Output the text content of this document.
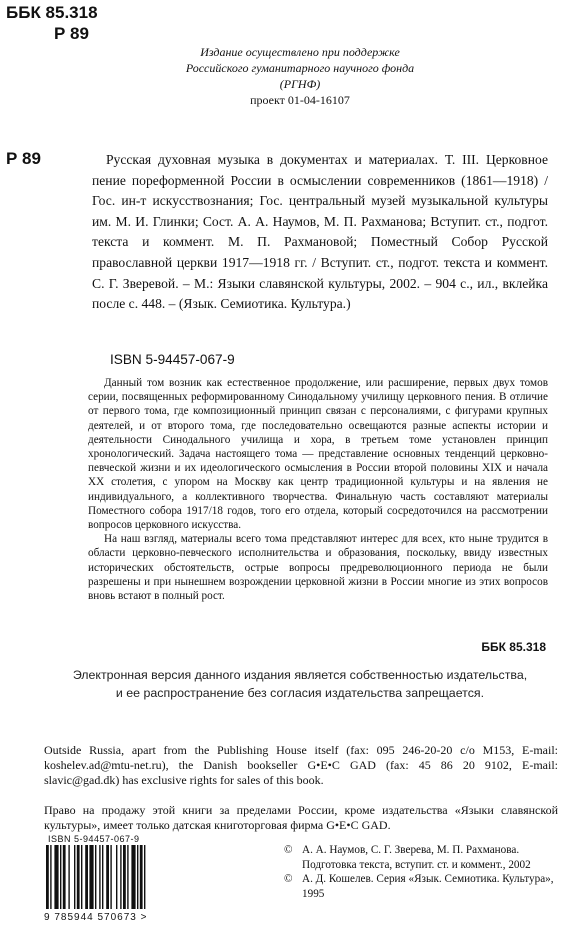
ББК 85.318
Р 89
Издание осуществлено при поддержке
Российского гуманитарного научного фонда
(РГНФ)
проект 01-04-16107
Р 89	Русская духовная музыка в документах и материалах. Т. III. Церковное пение пореформенной России в осмыслении современников (1861—1918) / Гос. ин-т искусствознания; Гос. центральный музей музыкальной культуры им. М. И. Глинки; Сост. А. А. Наумов, М. П. Рахманова; Вступит. ст., подгот. текста и коммент. М. П. Рахмановой; Поместный Собор Русской православной церкви 1917—1918 гг. / Вступит. ст., подгот. текста и коммент. С. Г. Зверевой. – М.: Языки славянской культуры, 2002. – 904 с., ил., вклейка после с. 448. – (Язык. Семиотика. Культура.)

ISBN 5-94457-067-9

Данный том возник как естественное продолжение, или расширение, первых двух томов серии, посвященных реформированному Синодальному училищу церковного пения. В отличие от первого тома, где композиционный принцип связан с персоналиями, с фигурами крупных деятелей, и от второго тома, где последовательно освещаются разные аспекты истории и деятельности Синодального училища и хора, в третьем томе установлен принцип хронологический. Задача настоящего тома — представление основных тенденций церковно-певческой жизни и их идеологического осмысления в России второй половины XIX и начала XX столетия, с упором на Москву как центр традиционной культуры и на явления не индивидуального, а коллективного творчества. Финальную часть составляют материалы Поместного собора 1917/18 годов, того его отдела, который сосредоточился на рассмотрении вопросов церковного искусства.

На наш взгляд, материалы всего тома представляют интерес для всех, кто ныне трудится в области церковно-певческого исполнительства и образования, поскольку, ввиду известных исторических обстоятельств, острые вопросы предреволюционного периода не были разрешены и при нынешнем возрождении церковной жизни в России многие из этих вопросов вновь встают в полный рост.

ББК 85.318
Электронная версия данного издания является собственностью издательства,
и ее распространение без согласия издательства запрещается.
Outside Russia, apart from the Publishing House itself (fax: 095 246-20-20 c/o M153, E-mail: koshelev.ad@mtu-net.ru), the Danish bookseller G•E•C GAD (fax: 45 86 20 9102, E-mail: slavic@gad.dk) has exclusive rights for sales of this book.
Право на продажу этой книги за пределами России, кроме издательства «Языки славянской культуры», имеет только датская книготорговая фирма G•E•C GAD.
ISBN 5-94457-067-9
9 785944 570673 >
© А. А. Наумов, С. Г. Зверева, М. П. Рахманова. Подготовка текста, вступит. ст. и коммент., 2002
© А. Д. Кошелев. Серия «Язык. Семиотика. Культура», 1995
